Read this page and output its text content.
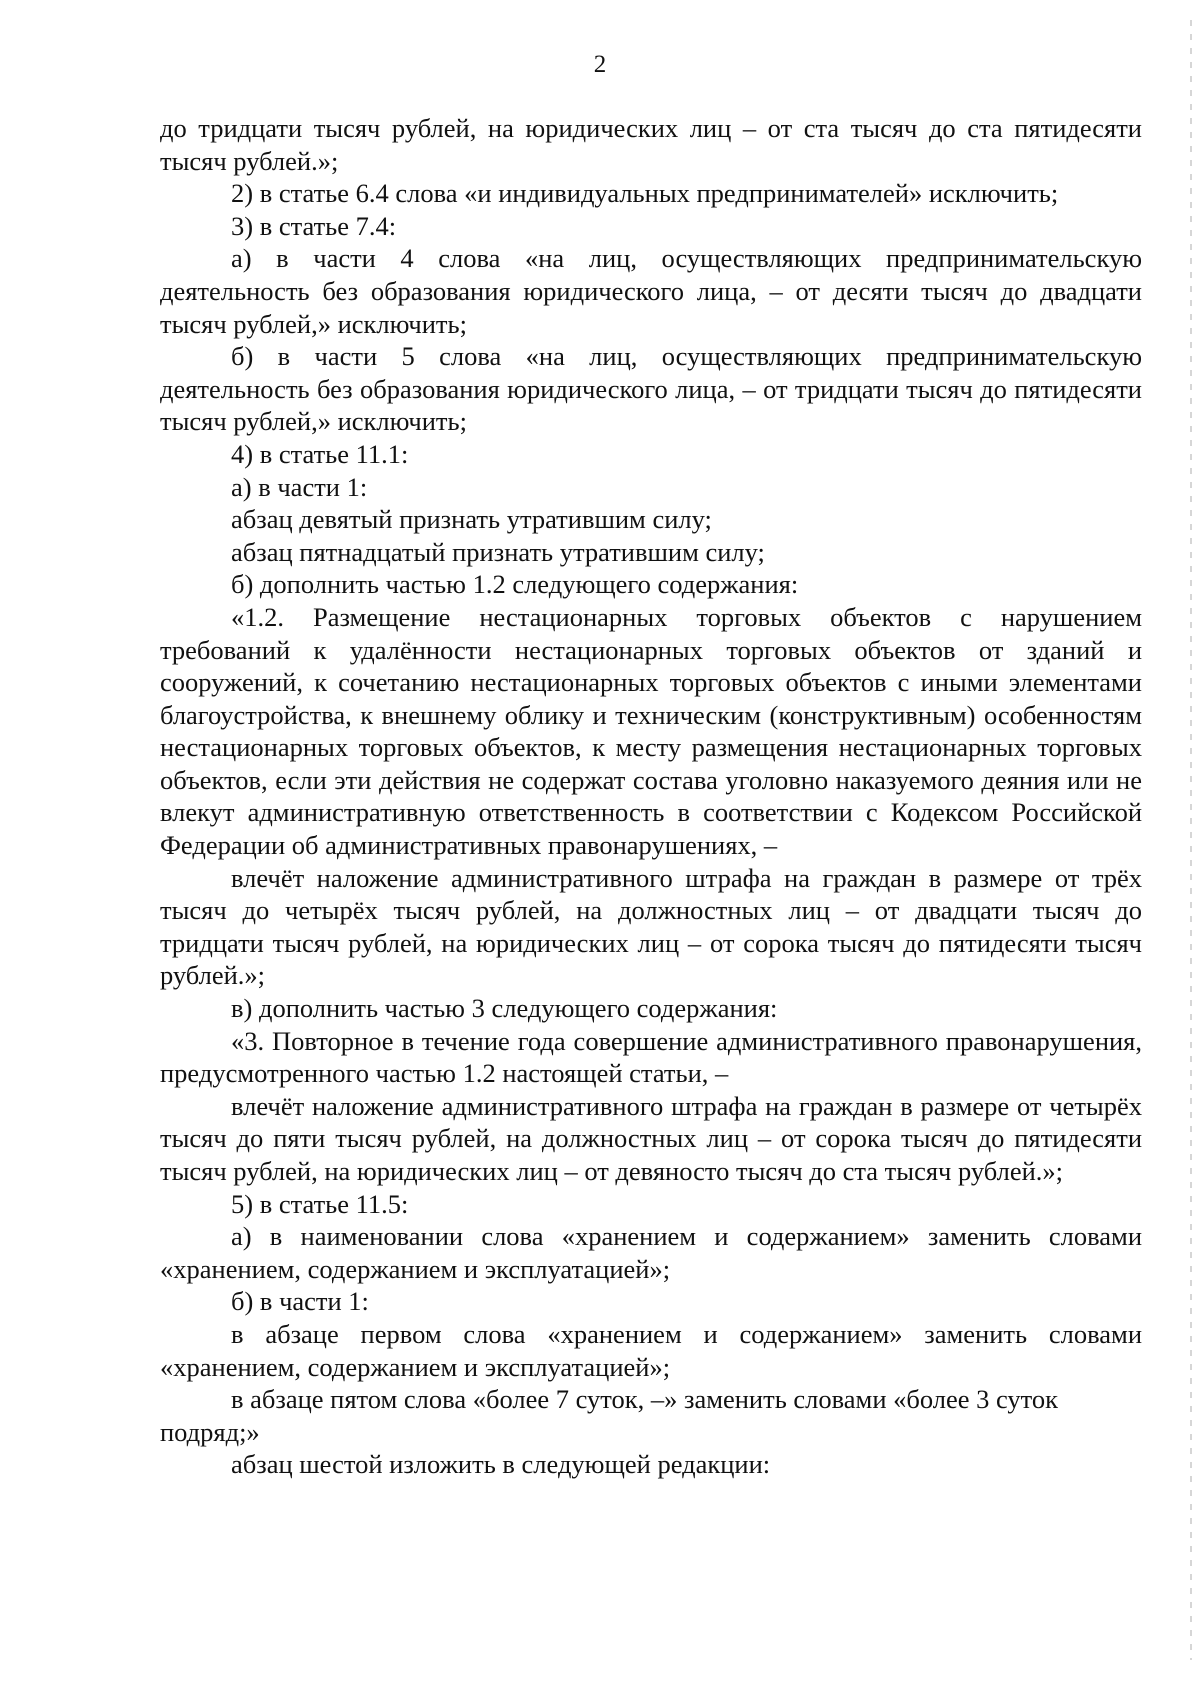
2

до тридцати тысяч рублей, на юридических лиц – от ста тысяч до ста пятидесяти тысяч рублей.»;

2) в статье 6.4 слова «и индивидуальных предпринимателей» исключить;

3) в статье 7.4:

а) в части 4 слова «на лиц, осуществляющих предпринимательскую деятельность без образования юридического лица, – от десяти тысяч до двадцати тысяч рублей,» исключить;

б) в части 5 слова «на лиц, осуществляющих предпринимательскую деятельность без образования юридического лица, – от тридцати тысяч до пятидесяти тысяч рублей,» исключить;

4) в статье 11.1:

а) в части 1:

абзац девятый признать утратившим силу;

абзац пятнадцатый признать утратившим силу;

б) дополнить частью 1.2 следующего содержания:

«1.2. Размещение нестационарных торговых объектов с нарушением требований к удалённости нестационарных торговых объектов от зданий и сооружений, к сочетанию нестационарных торговых объектов с иными элементами благоустройства, к внешнему облику и техническим (конструктивным) особенностям нестационарных торговых объектов, к месту размещения нестационарных торговых объектов, если эти действия не содержат состава уголовно наказуемого деяния или не влекут административную ответственность в соответствии с Кодексом Российской Федерации об административных правонарушениях, –

влечёт наложение административного штрафа на граждан в размере от трёх тысяч до четырёх тысяч рублей, на должностных лиц – от двадцати тысяч до тридцати тысяч рублей, на юридических лиц – от сорока тысяч до пятидесяти тысяч рублей.»;

в) дополнить частью 3 следующего содержания:

«3. Повторное в течение года совершение административного правонарушения, предусмотренного частью 1.2 настоящей статьи, –

влечёт наложение административного штрафа на граждан в размере от четырёх тысяч до пяти тысяч рублей, на должностных лиц – от сорока тысяч до пятидесяти тысяч рублей, на юридических лиц – от девяносто тысяч до ста тысяч рублей.»;

5) в статье 11.5:

а) в наименовании слова «хранением и содержанием» заменить словами «хранением, содержанием и эксплуатацией»;

б) в части 1:

в абзаце первом слова «хранением и содержанием» заменить словами «хранением, содержанием и эксплуатацией»;

в абзаце пятом слова «более 7 суток, –» заменить словами «более 3 суток подряд;»

абзац шестой изложить в следующей редакции:
